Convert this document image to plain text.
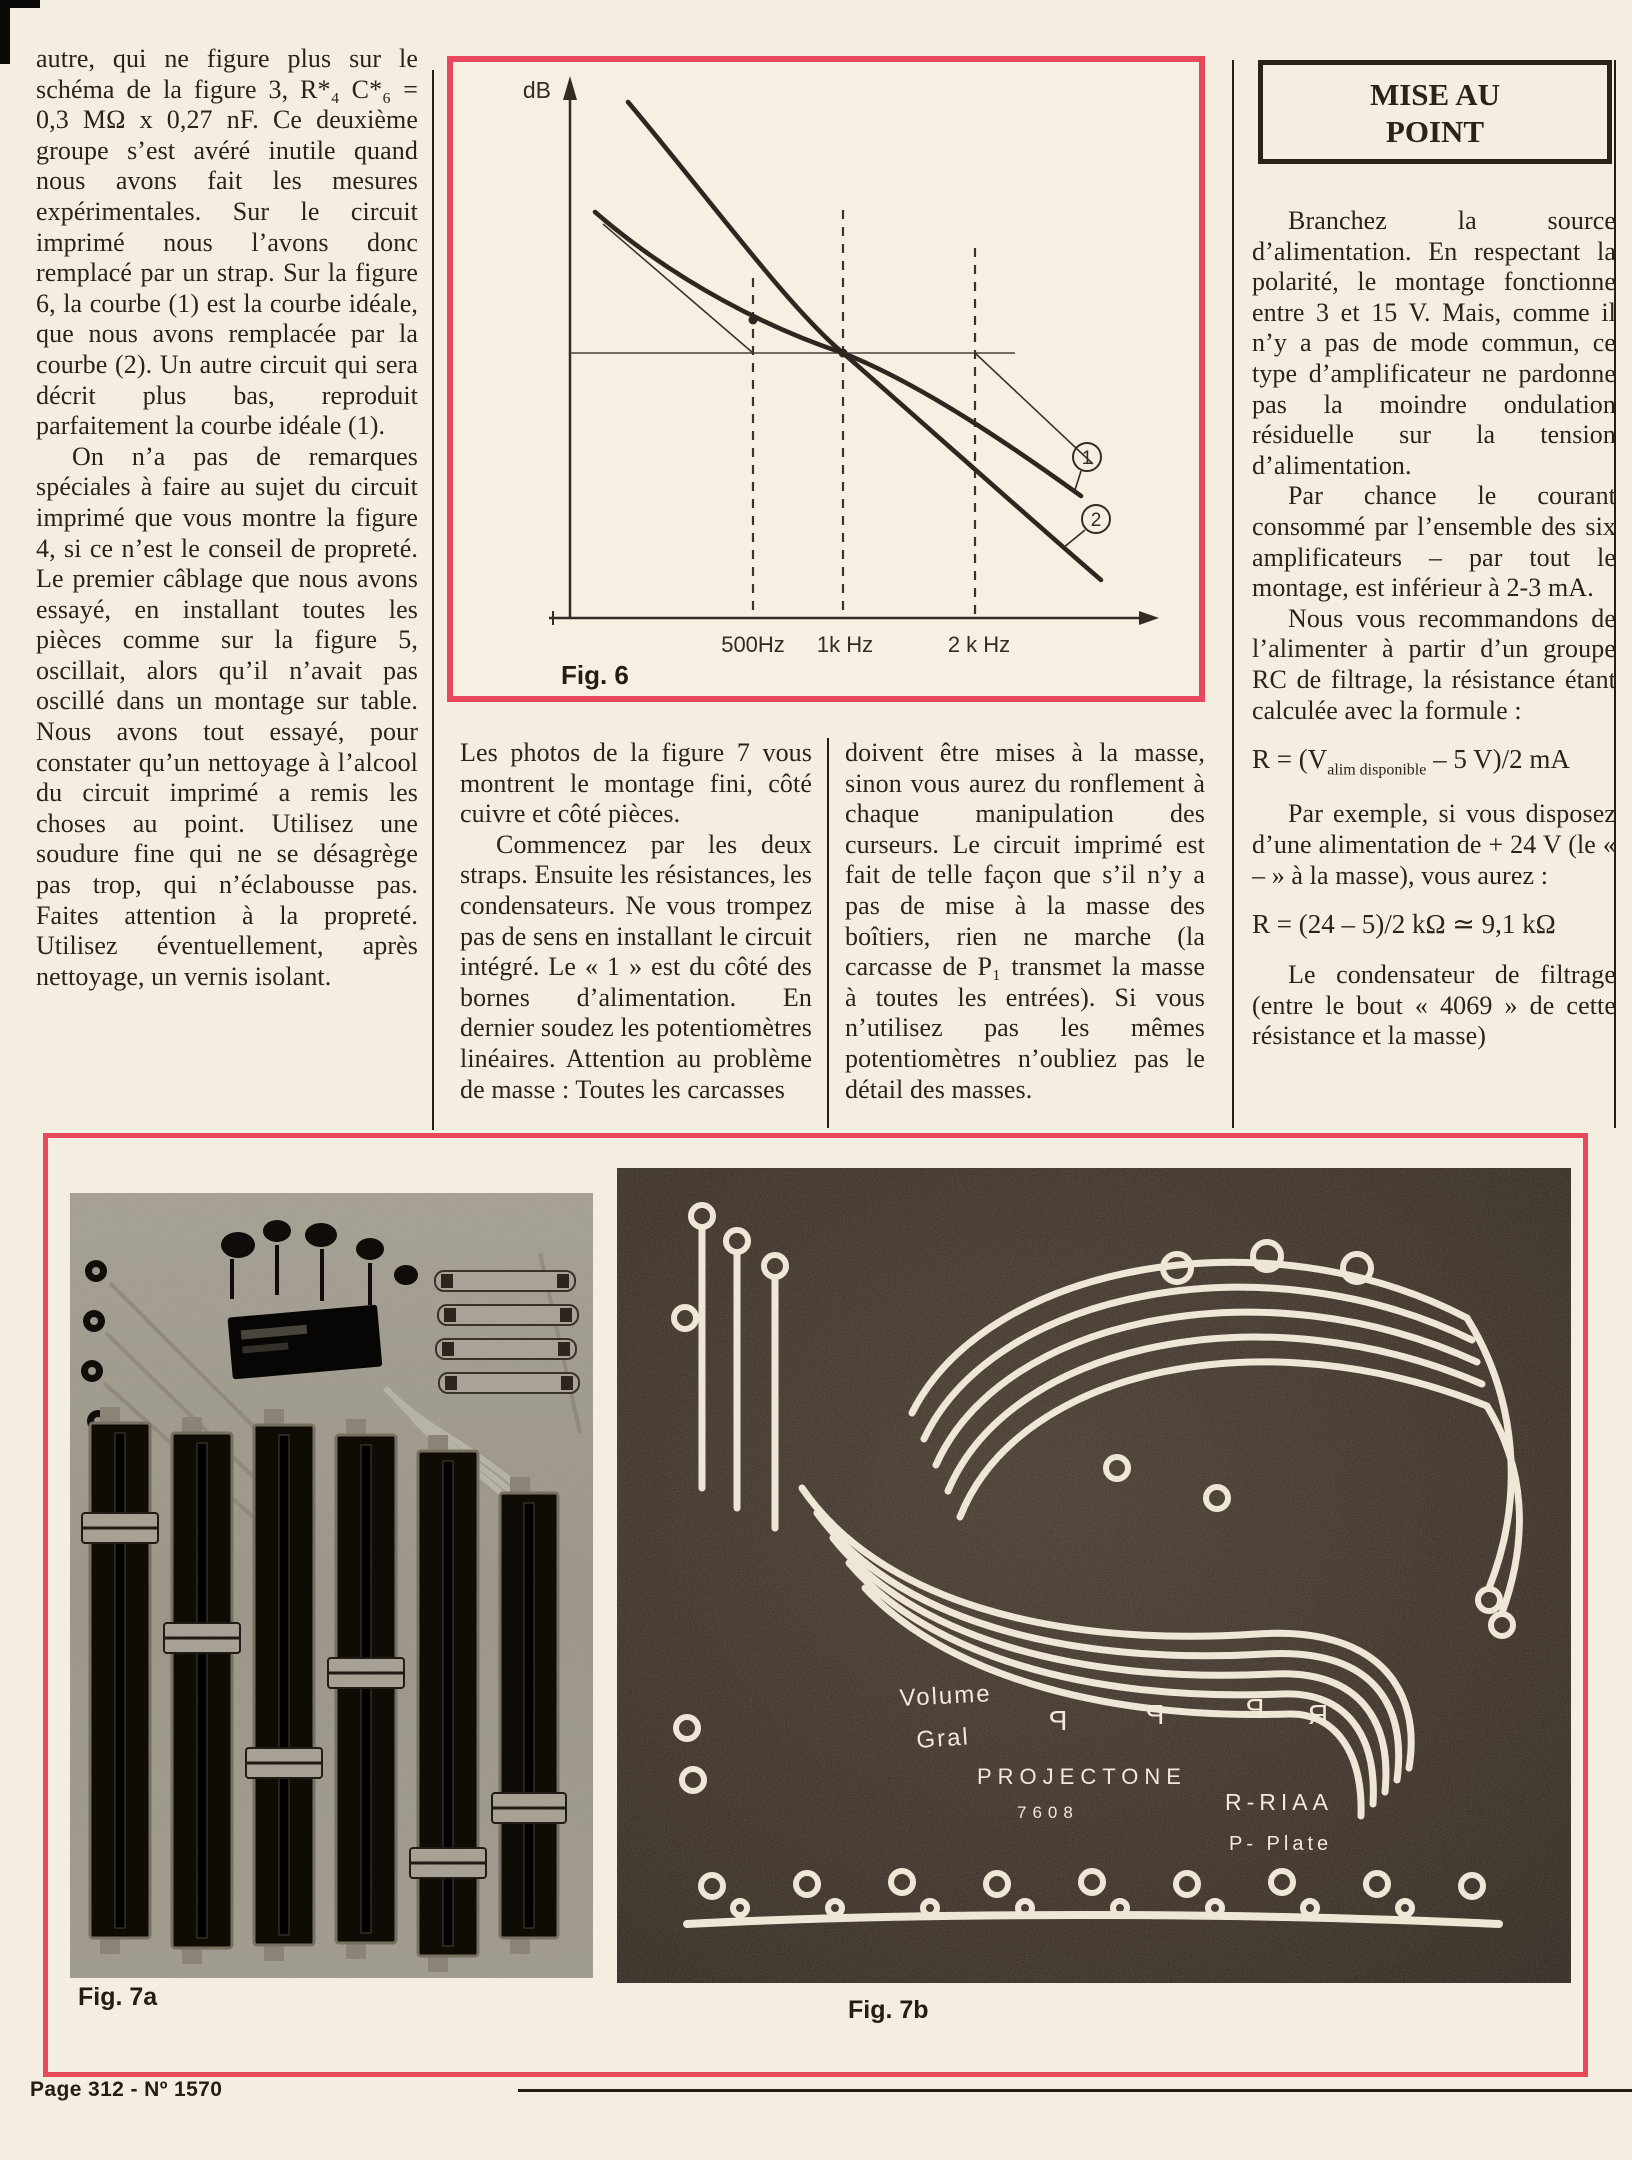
autre, qui ne figure plus sur le schéma de la figure 3, R*₄ C*₆ = 0,3 MΩ x 0,27 nF. Ce deuxième groupe s’est avéré inutile quand nous avons fait les mesures expérimentales. Sur le circuit imprimé nous l’avons donc remplacé par un strap. Sur la figure 6, la courbe (1) est la courbe idéale, que nous avons remplacée par la courbe (2). Un autre circuit qui sera décrit plus bas, reproduit parfaitement la courbe idéale (1).

On n’a pas de remarques spéciales à faire au sujet du circuit imprimé que vous montre la figure 4, si ce n’est le conseil de propreté. Le premier câblage que nous avons essayé, en installant toutes les pièces comme sur la figure 5, oscillait, alors qu’il n’avait pas oscillé dans un montage sur table. Nous avons tout essayé, pour constater qu’un nettoyage à l’alcool du circuit imprimé a remis les choses au point. Utilisez une soudure fine qui ne se désagrège pas trop, qui n’éclabousse pas. Faites attention à la propreté. Utilisez éventuellement, après nettoyage, un vernis isolant.

dB
1
2
500Hz 1k Hz	2 k Hz
Fig. 6

Les photos de la figure 7 vous montrent le montage fini, côté cuivre et côté pièces.

Commencez par les deux straps. Ensuite les résistances, les condensateurs. Ne vous trompez pas de sens en installant le circuit intégré. Le « 1 » est du côté des bornes d’alimentation. En dernier soudez les potentiomètres linéaires. Attention au problème de masse : Toutes les carcasses

doivent être mises à la masse, sinon vous aurez du ronflement à chaque manipulation des curseurs. Le circuit imprimé est fait de telle façon que s’il n’y a pas de mise à la masse des boîtiers, rien ne marche (la carcasse de P₁ transmet la masse à toutes les entrées). Si vous n’utilisez pas les mêmes potentiomètres n’oubliez pas le détail des masses.

MISE AU
POINT

Branchez la source d’alimentation. En respectant la polarité, le montage fonctionne entre 3 et 15 V. Mais, comme il n’y a pas de mode commun, ce type d’amplificateur ne pardonne pas la moindre ondulation résiduelle sur la tension d’alimentation.

Par chance le courant consommé par l’ensemble des six amplificateurs – par tout le montage, est inférieur à 2-3 mA.

Nous vous recommandons de l’alimenter à partir d’un groupe RC de filtrage, la résistance étant calculée avec la formule :

$R = (V_{alim disponible} - 5$ V)/2 mA

Par exemple, si vous disposez d’une alimentation de + 24 V (le « – » à la masse), vous aurez :

R = (24 – 5)/2 kΩ ≃ 9,1 kΩ

Le condensateur de filtrage (entre le bout « 4069 » de cette résistance et la masse)

Volume
Gral
P	P	P Я
PROJECTONE
7608	R-RIAA
P- Plate
Fig. 7a	Fig. 7b
Page 312 - Nº 1570
